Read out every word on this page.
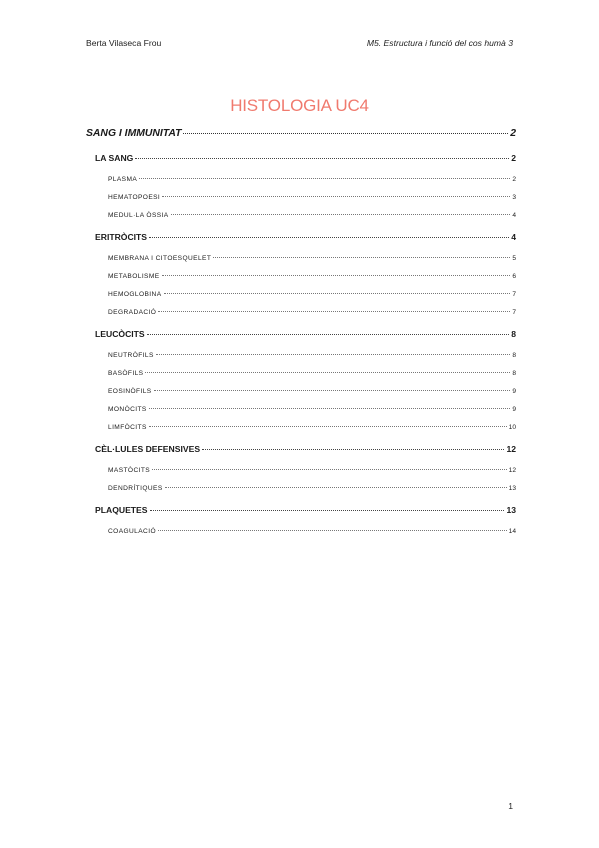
Berta Vilaseca Frou	M5. Estructura i funció del cos humà 3
HISTOLOGIA UC4
SANG I IMMUNITAT	2
LA SANG	2
PLASMA	2
HEMATOPOESI	3
MEDUL·LA ÒSSIA	4
ERITRÒCITS	4
MEMBRANA I CITOESQUELET	5
METABOLISME	6
HEMOGLOBINA	7
DEGRADACIÓ	7
LEUCÒCITS	8
NEUTRÒFILS	8
BASÒFILS	8
EOSINÒFILS	9
MONÒCITS	9
LIMFÒCITS	10
CÈL·LULES DEFENSIVES	12
MASTÒCITS	12
DENDRÍTIQUES	13
PLAQUETES	13
COAGULACIÓ	14
1
